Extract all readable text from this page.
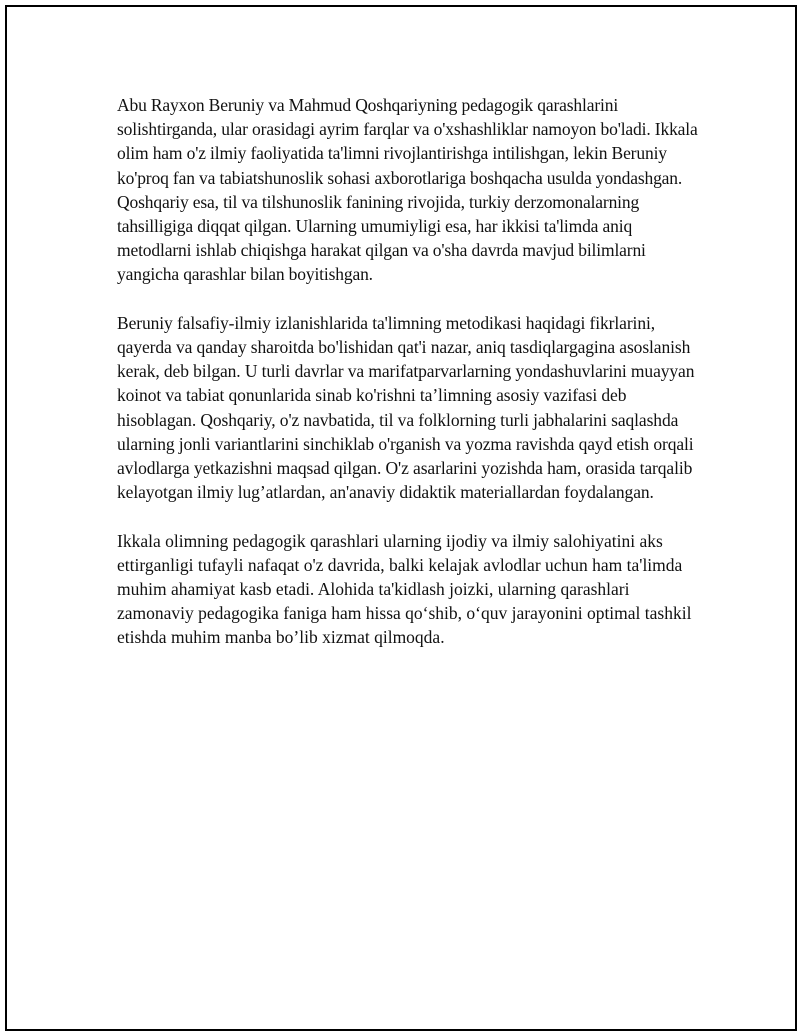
Abu Rayxon Beruniy va Mahmud Qoshqariyning pedagogik qarashlarini solishtirganda, ular orasidagi ayrim farqlar va o'xshashliklar namoyon bo'ladi. Ikkala olim ham o'z ilmiy faoliyatida ta'limni rivojlantirishga intilishgan, lekin Beruniy ko'proq fan va tabiatshunoslik sohasi axborotlariga boshqacha usulda yondashgan. Qoshqariy esa, til va tilshunoslik fanining rivojida, turkiy derzomonalarning tahsilligiga diqqat qilgan. Ularning umumiyligi esa, har ikkisi ta'limda aniq metodlarni ishlab chiqishga harakat qilgan va o'sha davrda mavjud bilimlarni yangicha qarashlar bilan boyitishgan.

Beruniy falsafiy-ilmiy izlanishlarida ta'limning metodikasi haqidagi fikrlarini, qayerda va qanday sharoitda bo'lishidan qat'i nazar, aniq tasdiqlargagina asoslanish kerak, deb bilgan. U turli davrlar va marifatparvarlarning yondashuvlarini muayyan koinot va tabiat qonunlarida sinab ko'rishni ta’limning asosiy vazifasi deb hisoblagan. Qoshqariy, o'z navbatida, til va folklorning turli jabhalarini saqlashda ularning jonli variantlarini sinchiklab o'rganish va yozma ravishda qayd etish orqali avlodlarga yetkazishni maqsad qilgan. O'z asarlarini yozishda ham, orasida tarqalib kelayotgan ilmiy lug’atlardan, an'anaviy didaktik materiallardan foydalangan.

Ikkala olimning pedagogik qarashlari ularning ijodiy va ilmiy salohiyatini aks ettirganligi tufayli nafaqat o'z davrida, balki kelajak avlodlar uchun ham ta'limda muhim ahamiyat kasb etadi. Alohida ta'kidlash joizki, ularning qarashlari zamonaviy pedagogika faniga ham hissa qo‘shib, o‘quv jarayonini optimal tashkil etishda muhim manba bo’lib xizmat qilmoqda.
